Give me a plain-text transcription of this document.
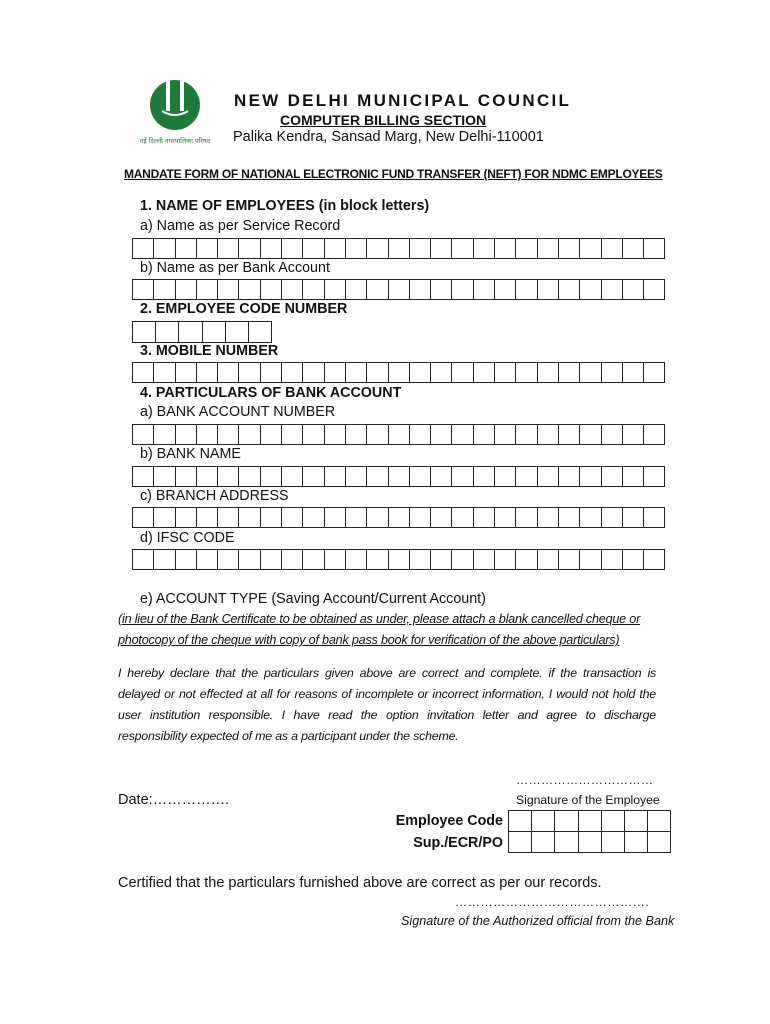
NDMC
नई दिल्ली नगरपालिका परिषद
NEW DELHI MUNICIPAL COUNCIL
COMPUTER BILLING SECTION
Palika Kendra, Sansad Marg, New Delhi-110001
MANDATE FORM OF NATIONAL ELECTRONIC FUND TRANSFER (NEFT) FOR NDMC EMPLOYEES
1. NAME OF EMPLOYEES (in block letters)
a) Name as per Service Record
b) Name as per Bank Account
2. EMPLOYEE CODE NUMBER
3. MOBILE NUMBER
4. PARTICULARS OF BANK ACCOUNT
a) BANK ACCOUNT NUMBER
b) BANK NAME
c) BRANCH ADDRESS
d) IFSC CODE
e) ACCOUNT TYPE (Saving Account/Current Account)
(in lieu of the Bank Certificate to be obtained as under, please attach a blank cancelled cheque or
photocopy of the cheque with copy of bank pass book for verification of the above particulars)
I hereby declare that the particulars given above are correct and complete. if the transaction is delayed or not effected at all for reasons of incomplete or incorrect information, I would not hold the user institution responsible. I have read the option invitation letter and agree to discharge responsibility expected of me as a participant under the scheme.
……………………………
Signature of the Employee
Date:…………….
Employee Code
Sup./ECR/PO
Certified that the particulars furnished above are correct as per our records.
……………………………………….
Signature of the Authorized official from the Bank
